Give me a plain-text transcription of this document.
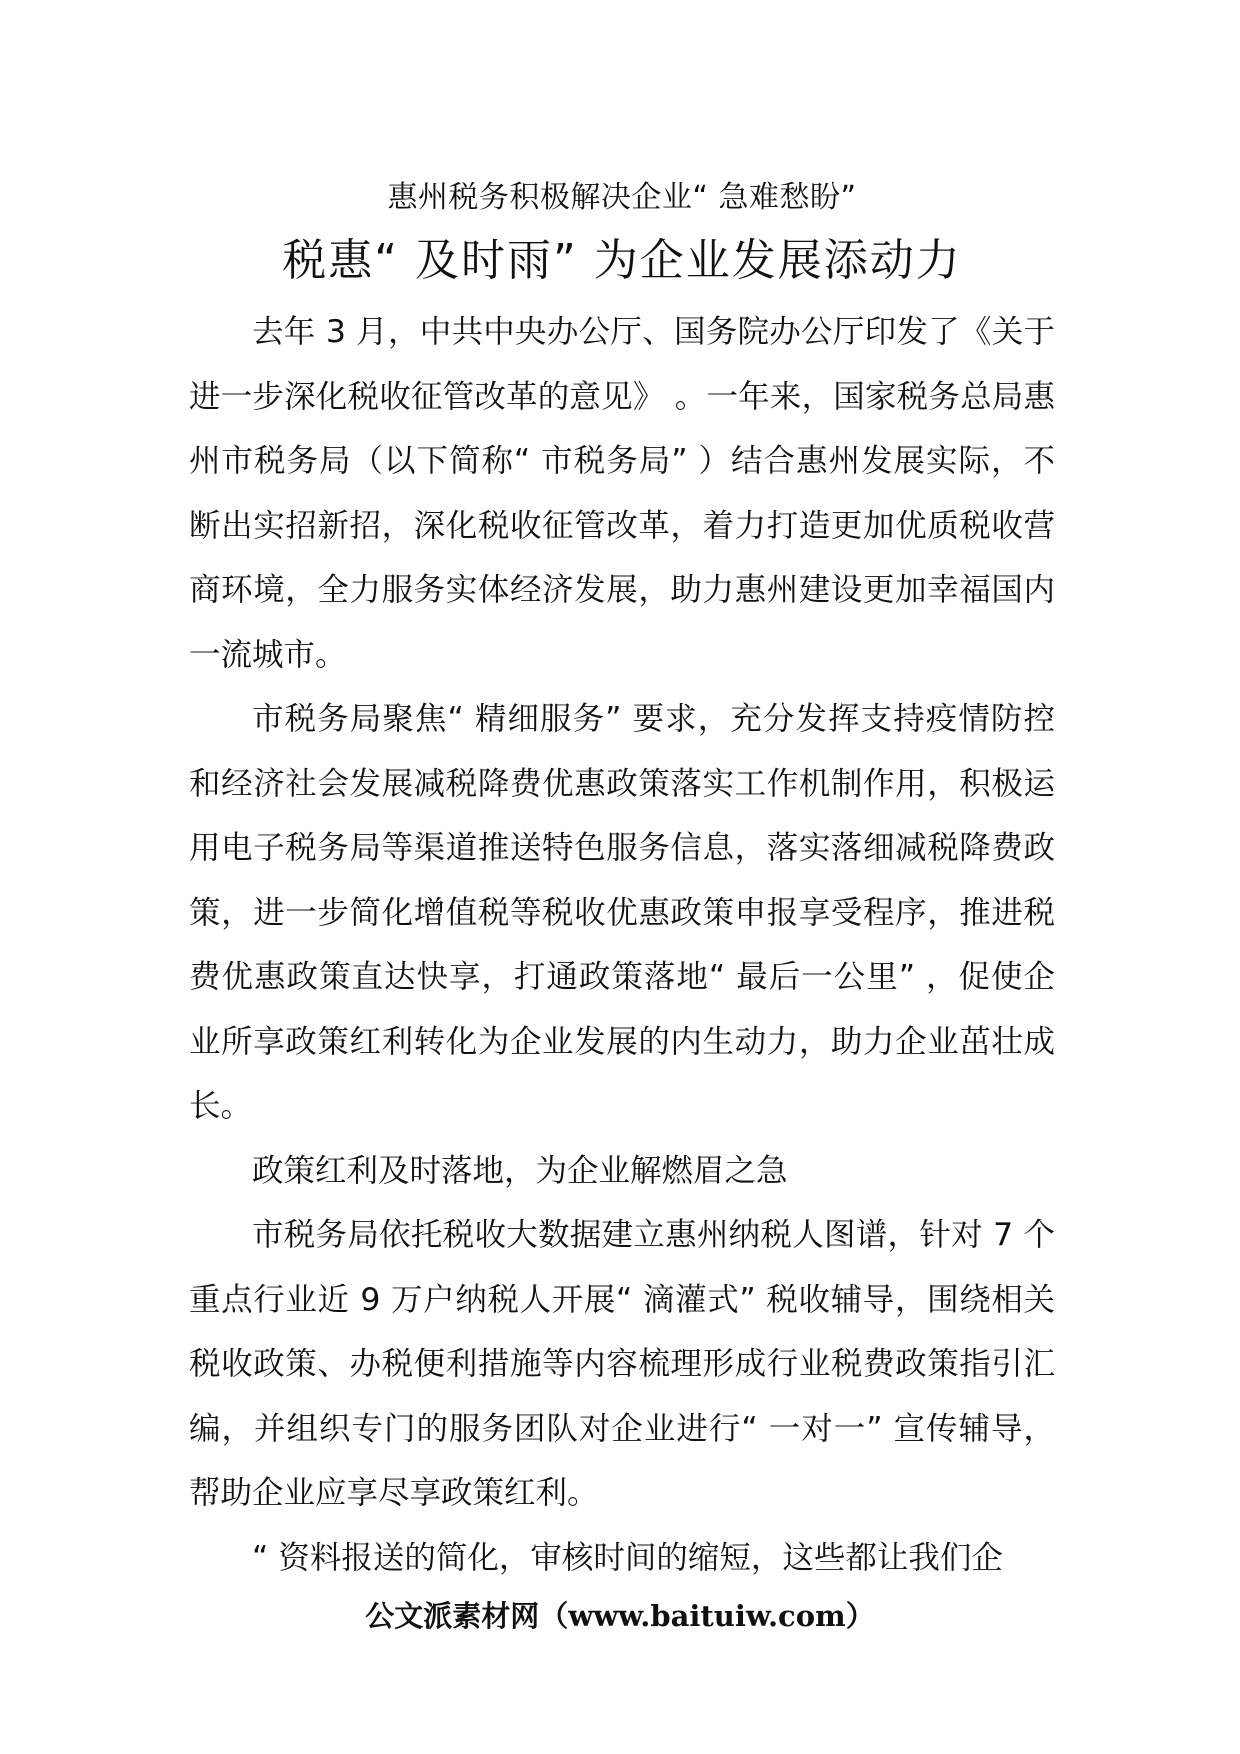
惠州税务积极解决企业“ 急难愁盼”

税惠“ 及时雨” 为企业发展添动力

去年 3 月，中共中央办公厅、国务院办公厅印发了《关于进一步深化税收征管改革的意见》 。一年来，国家税务总局惠州市税务局（以下简称“ 市税务局” ）结合惠州发展实际，不断出实招新招，深化税收征管改革，着力打造更加优质税收营商环境，全力服务实体经济发展，助力惠州建设更加幸福国内一流城市。

市税务局聚焦“ 精细服务” 要求，充分发挥支持疫情防控和经济社会发展减税降费优惠政策落实工作机制作用，积极运用电子税务局等渠道推送特色服务信息，落实落细减税降费政策，进一步简化增值税等税收优惠政策申报享受程序，推进税费优惠政策直达快享，打通政策落地“ 最后一公里” ，促使企业所享政策红利转化为企业发展的内生动力，助力企业茁壮成长。

政策红利及时落地，为企业解燃眉之急

市税务局依托税收大数据建立惠州纳税人图谱，针对 7 个重点行业近 9 万户纳税人开展“ 滴灌式” 税收辅导，围绕相关税收政策、办税便利措施等内容梳理形成行业税费政策指引汇编，并组织专门的服务团队对企业进行“ 一对一” 宣传辅导，帮助企业应享尽享政策红利。

“ 资料报送的简化，审核时间的缩短，这些都让我们企

公文派素材网（www.baituiw.com）
